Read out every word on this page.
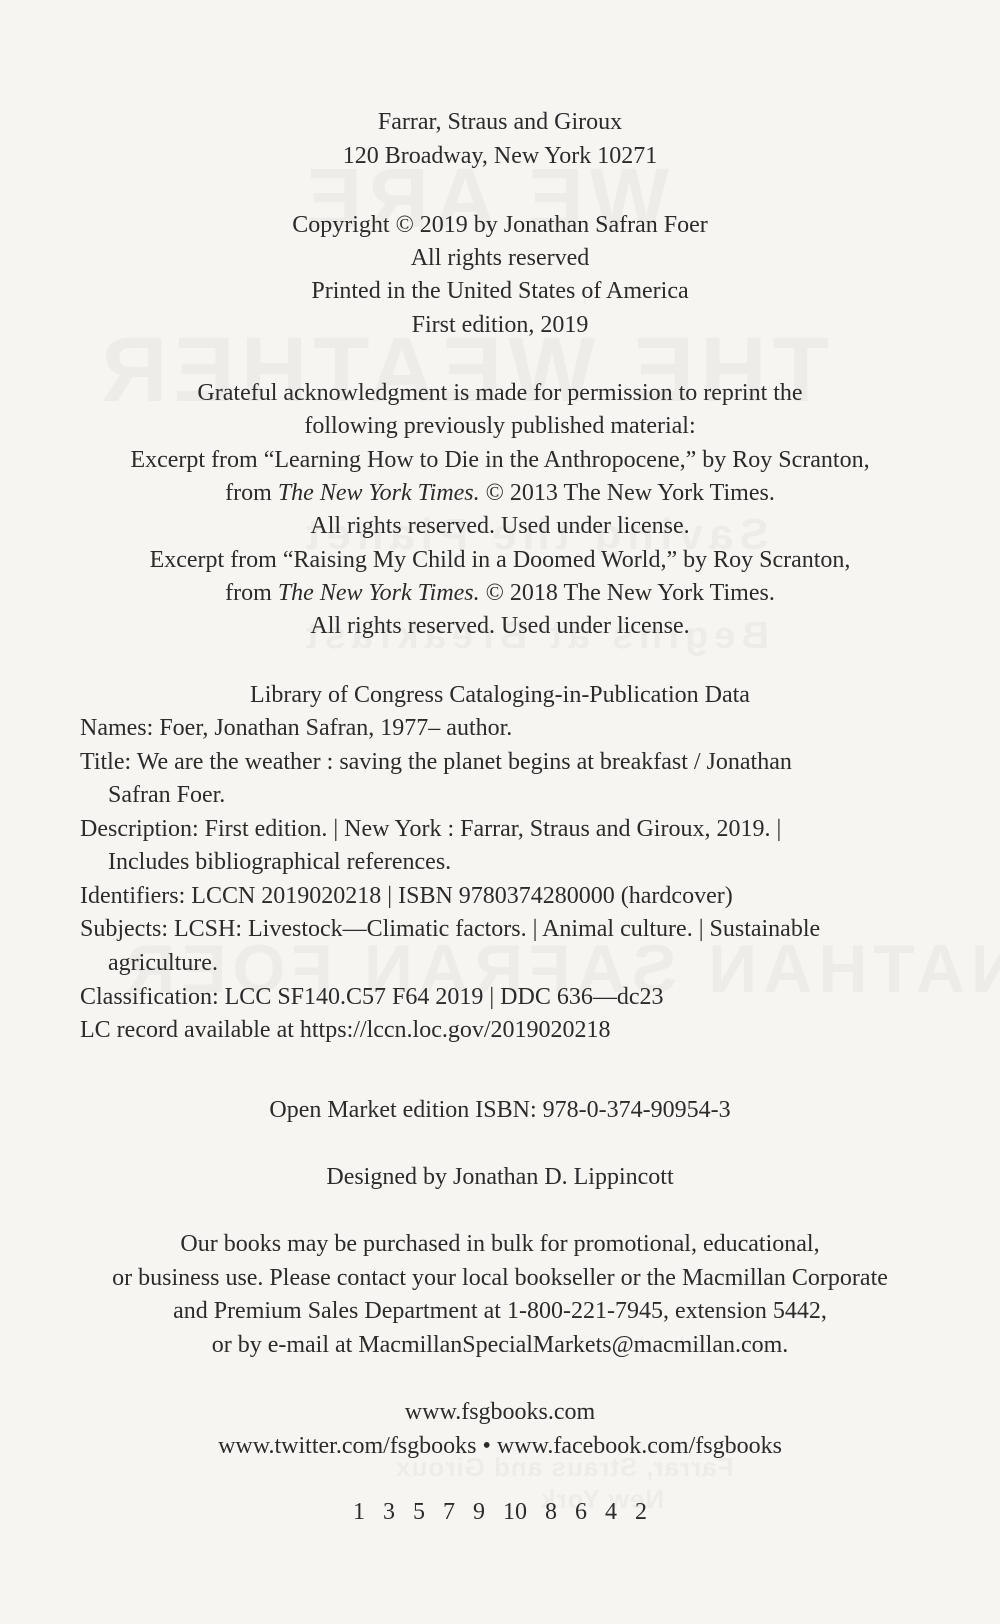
Farrar, Straus and Giroux
120 Broadway, New York 10271
Copyright © 2019 by Jonathan Safran Foer
All rights reserved
Printed in the United States of America
First edition, 2019
Grateful acknowledgment is made for permission to reprint the
following previously published material:
Excerpt from “Learning How to Die in the Anthropocene,” by Roy Scranton,
from The New York Times. © 2013 The New York Times.
All rights reserved. Used under license.
Excerpt from “Raising My Child in a Doomed World,” by Roy Scranton,
from The New York Times. © 2018 The New York Times.
All rights reserved. Used under license.
Library of Congress Cataloging-in-Publication Data
Names: Foer, Jonathan Safran, 1977– author.
Title: We are the weather : saving the planet begins at breakfast / Jonathan
Safran Foer.
Description: First edition. | New York : Farrar, Straus and Giroux, 2019. |
Includes bibliographical references.
Identifiers: LCCN 2019020218 | ISBN 9780374280000 (hardcover)
Subjects: LCSH: Livestock—Climatic factors. | Animal culture. | Sustainable
agriculture.
Classification: LCC SF140.C57 F64 2019 | DDC 636—dc23
LC record available at https://lccn.loc.gov/2019020218
Open Market edition ISBN: 978-0-374-90954-3
Designed by Jonathan D. Lippincott
Our books may be purchased in bulk for promotional, educational,
or business use. Please contact your local bookseller or the Macmillan Corporate
and Premium Sales Department at 1-800-221-7945, extension 5442,
or by e-mail at MacmillanSpecialMarkets@macmillan.com.
www.fsgbooks.com
www.twitter.com/fsgbooks • www.facebook.com/fsgbooks
1 3 5 7 9 10 8 6 4 2
